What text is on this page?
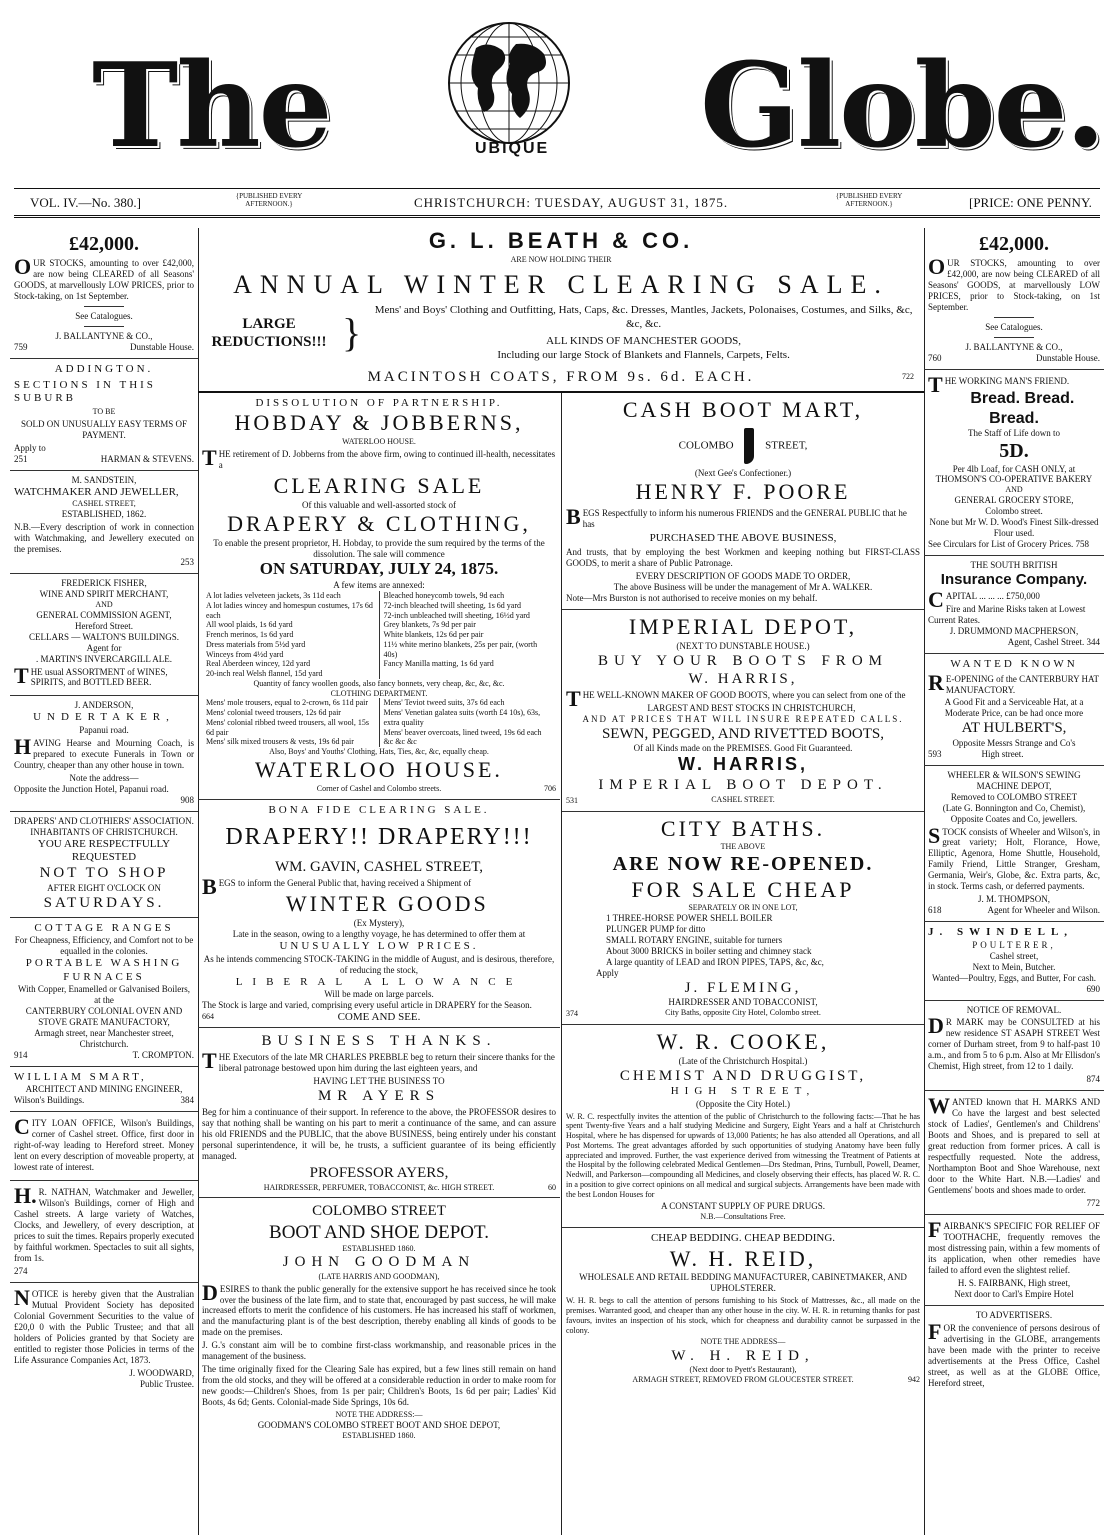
The	UBIQUE Globe.
VOL. IV.—No. 380.]	{PUBLISHED EVERY AFTERNOON.}	CHRISTCHURCH: TUESDAY, AUGUST 31, 1875.	{PUBLISHED EVERY AFTERNOON.}	[PRICE: ONE PENNY.
£42,000.

OUR STOCKS, amounting to over £42,000, are now being CLEARED of all Seasons' GOODS, at marvellously LOW PRICES, prior to Stock-taking, on 1st September.

See Catalogues.
J. BALLANTYNE & CO.,
759	Dunstable House.
ADDINGTON.

SECTIONS IN THIS SUBURB

TO BE

SOLD ON UNUSUALLY EASY TERMS OF PAYMENT.

Apply to
251	HARMAN & STEVENS.
M. SANDSTEIN,
WATCHMAKER AND JEWELLER,
CASHEL STREET,
ESTABLISHED, 1862.

N.B.—Every description of work in connection with Watchmaking, and Jewellery executed on the premises.

253
FREDERICK FISHER,
WINE AND SPIRIT MERCHANT,
AND
GENERAL COMMISSION AGENT,
Hereford Street.
CELLARS — WALTON'S BUILDINGS.
Agent for
. MARTIN'S INVERCARGILL ALE.

THE usual ASSORTMENT of WINES, SPIRITS, and BOTTLED BEER.

J. ANDERSON,
UNDERTAKER,
Papanui road.

HAVING Hearse and Mourning Coach, is prepared to execute Funerals in Town or Country, cheaper than any other house in town.

Note the address—
Opposite the Junction Hotel, Papanui road.
908
DRAPERS' AND CLOTHIERS' ASSOCIATION.
INHABITANTS OF CHRISTCHURCH.
YOU ARE RESPECTFULLY REQUESTED
NOT TO SHOP
AFTER EIGHT O'CLOCK ON
SATURDAYS.
COTTAGE RANGES
For Cheapness, Efficiency, and Comfort not to be equalled in the colonies.
PORTABLE WASHING FURNACES
With Copper, Enamelled or Galvanised Boilers, at the
CANTERBURY COLONIAL OVEN AND STOVE GRATE MANUFACTORY,
Armagh street, near Manchester street, Christchurch.
914	T. CROMPTON.
WILLIAM SMART,
ARCHITECT AND MINING ENGINEER,
Wilson's Buildings.	384

CITY LOAN OFFICE, Wilson's Buildings, corner of Cashel street. Office, first door in right-of-way leading to Hereford street. Money lent on every description of moveable property, at lowest rate of interest.

H.R. NATHAN, Watchmaker and Jeweller, Wilson's Buildings, corner of High and Cashel streets. A large variety of Watches, Clocks, and Jewellery, of every description, at prices to suit the times. Repairs properly executed by faithful workmen. Spectacles to suit all sights, from 1s.

274

NOTICE is hereby given that the Australian Mutual Provident Society has deposited Colonial Government Securities to the value of £20,0 0 with the Public Trustee; and that all holders of Policies granted by that Society are entitled to register those Policies in terms of the Life Assurance Companies Act, 1873.

J. WOODWARD,
Public Trustee.
G. L. BEATH & CO.
ARE NOW HOLDING THEIR
ANNUAL WINTER CLEARING SALE.
LARGE REDUCTIONS!!! }	Mens' and Boys' Clothing and Outfitting, Hats, Caps, &c. Dresses, Mantles, Jackets, Polonaises, Costumes, and Silks, &c, &c, &c.
ALL KINDS OF MANCHESTER GOODS,
Including our large Stock of Blankets and Flannels, Carpets, Felts.
MACINTOSH COATS, FROM 9s. 6d. EACH.	722
DISSOLUTION OF PARTNERSHIP.
HOBDAY & JOBBERNS,
WATERLOO HOUSE.

THE retirement of D. Jobberns from the above firm, owing to continued ill-health, necessitates a

CLEARING SALE
Of this valuable and well-assorted stock of
DRAPERY & CLOTHING,
To enable the present proprietor, H. Hobday, to provide the sum required by the terms of the dissolution. The sale will commence
ON SATURDAY, JULY 24, 1875.
A few items are annexed:
A lot ladies velveteen jackets, 3s 11d each
A lot ladies wincey and homespun costumes, 17s 6d each
All wool plaids, 1s 6d yard
French merinos, 1s 6d yard
Dress materials from 5½d yard
Winceys from 4½d yard
Real Aberdeen wincey, 12d yard
20-inch real Welsh flannel, 15d yard
Bleached honeycomb towels, 9d each
72-inch bleached twill sheeting, 1s 6d yard
72-inch unbleached twill sheeting, 16½d yard
Grey blankets, 7s 9d per pair
White blankets, 12s 6d per pair
11½ white merino blankets, 25s per pair, (worth 40s)
Fancy Manilla matting, 1s 6d yard
Quantity of fancy woollen goods, also fancy bonnets, very cheap, &c, &c, &c.
CLOTHING DEPARTMENT.
Mens' mole trousers, equal to 2-crown, 6s 11d pair
Mens' colonial tweed trousers, 12s 6d pair
Mens' colonial ribbed tweed trousers, all wool, 15s 6d pair
Mens' silk mixed trousers & vests, 19s 6d pair
Mens' Teviot tweed suits, 37s 6d each
Mens' Venetian galatea suits (worth £4 10s), 63s, extra quality
Mens' beaver overcoats, lined tweed, 19s 6d each
&c &c &c
Also, Boys' and Youths' Clothing, Hats, Ties, &c, &c, equally cheap.
WATERLOO HOUSE.
Corner of Cashel and Colombo streets.	706
BONA FIDE CLEARING SALE.
DRAPERY!! DRAPERY!!!
WM. GAVIN, CASHEL STREET,

BEGS to inform the General Public that, having received a Shipment of

WINTER GOODS
(Ex Mystery),
Late in the season, owing to a lengthy voyage, he has determined to offer them at
UNUSUALLY LOW PRICES.
As he intends commencing STOCK-TAKING in the middle of August, and is desirous, therefore, of reducing the stock,
LIBERAL ALLOWANCE
Will be made on large parcels.
The Stock is large and varied, comprising every useful article in DRAPERY for the Season.
664	COME AND SEE.
BUSINESS THANKS.

THE Executors of the late MR CHARLES PREBBLE beg to return their sincere thanks for the liberal patronage bestowed upon him during the last eighteen years, and

HAVING LET THE BUSINESS TO
MR AYERS

Beg for him a continuance of their support. In reference to the above, the PROFESSOR desires to say that nothing shall be wanting on his part to merit a continuance of the same, and can assure his old FRIENDS and the PUBLIC, that the above BUSINESS, being entirely under his constant personal superintendence, it will be, he trusts, a sufficient guarantee of its being efficiently managed.

PROFESSOR AYERS,
HAIRDRESSER, PERFUMER, TOBACCONIST, &c. HIGH STREET.	60
COLOMBO STREET
BOOT AND SHOE DEPOT.
ESTABLISHED 1860.
JOHN GOODMAN
(LATE HARRIS AND GOODMAN),

DESIRES to thank the public generally for the extensive support he has received since he took over the business of the late firm, and to state that, encouraged by past success, he will make increased efforts to merit the confidence of his customers. He has increased his staff of workmen, and the manufacturing plant is of the best description, thereby enabling all kinds of goods to be made on the premises.

J. G.'s constant aim will be to combine first-class workmanship, and reasonable prices in the management of the business.

The time originally fixed for the Clearing Sale has expired, but a few lines still remain on hand from the old stocks, and they will be offered at a considerable reduction in order to make room for new goods:—Children's Shoes, from 1s per pair; Children's Boots, 1s 6d per pair; Ladies' Kid Boots, 4s 6d; Gents. Colonial-made Side Springs, 10s 6d.

NOTE THE ADDRESS:—
GOODMAN'S COLOMBO STREET BOOT AND SHOE DEPOT,
ESTABLISHED 1860.
CASH BOOT MART,
COLOMBO	STREET,
(Next Gee's Confectioner.)
HENRY F. POORE

BEGS Respectfully to inform his numerous FRIENDS and the GENERAL PUBLIC that he has

PURCHASED THE ABOVE BUSINESS,

And trusts, that by employing the best Workmen and keeping nothing but FIRST-CLASS GOODS, to merit a share of Public Patronage.

EVERY DESCRIPTION OF GOODS MADE TO ORDER,
The above Business will be under the management of Mr A. WALKER.
Note—Mrs Burston is not authorised to receive monies on my behalf.
IMPERIAL DEPOT,
(NEXT TO DUNSTABLE HOUSE.)
BUY YOUR BOOTS FROM
W. HARRIS,

THE WELL-KNOWN MAKER OF GOOD BOOTS, where you can select from one of the

LARGEST AND BEST STOCKS IN CHRISTCHURCH,
AND AT PRICES THAT WILL INSURE REPEATED CALLS.
SEWN, PEGGED, AND RIVETTED BOOTS,
Of all Kinds made on the PREMISES. Good Fit Guaranteed.
W. HARRIS,
IMPERIAL BOOT DEPOT.
531	CASHEL STREET.
CITY BATHS.
THE ABOVE
ARE NOW RE-OPENED.
FOR SALE CHEAP
SEPARATELY OR IN ONE LOT,
1 THREE-HORSE POWER SHELL BOILER
PLUNGER PUMP for ditto
SMALL ROTARY ENGINE, suitable for turners
About 3000 BRICKS in boiler setting and chimney stack
A large quantity of LEAD and IRON PIPES, TAPS, &c, &c,
Apply
J. FLEMING,
HAIRDRESSER AND TOBACCONIST,
374	City Baths, opposite City Hotel, Colombo street.
W. R. COOKE,
(Late of the Christchurch Hospital.)
CHEMIST AND DRUGGIST,
HIGH STREET,
(Opposite the City Hotel.)

W. R. C. respectfully invites the attention of the public of Christchurch to the following facts:—That he has spent Twenty-five Years and a half studying Medicine and Surgery, Eight Years and a half at Christchurch Hospital, where he has dispensed for upwards of 13,000 Patients; he has also attended all Operations, and all Post Mortems. The great advantages afforded by such opportunities of studying Anatomy have been fully appreciated and improved. Further, the vast experience derived from witnessing the Treatment of Patients at the Hospital by the following celebrated Medical Gentlemen—Drs Stedman, Prins, Turnbull, Powell, Deamer, Nedwill, and Parkerson—compounding all Medicines, and closely observing their effects, has placed W. R. C. in a position to give correct opinions on all medical and surgical subjects. Arrangements have been made with the best London Houses for

A CONSTANT SUPPLY OF PURE DRUGS.
N.B.—Consultations Free.
CHEAP BEDDING. CHEAP BEDDING.
W. H. REID,
WHOLESALE AND RETAIL BEDDING MANUFACTURER, CABINETMAKER, AND UPHOLSTERER.

W. H. R. begs to call the attention of persons furnishing to his Stock of Mattresses, &c., all made on the premises. Warranted good, and cheaper than any other house in the city. W. H. R. in returning thanks for past favours, invites an inspection of his stock, which for cheapness and durability cannot be surpassed in the colony.

NOTE THE ADDRESS—
W. H. REID,
(Next door to Pyett's Restaurant),
ARMAGH STREET, REMOVED FROM GLOUCESTER STREET.	942
£42,000.

OUR STOCKS, amounting to over £42,000, are now being CLEARED of all Seasons' GOODS, at marvellously LOW PRICES, prior to Stock-taking, on 1st September.

See Catalogues.
J. BALLANTYNE & CO.,
760	Dunstable House.

THE WORKING MAN'S FRIEND.

Bread. Bread. Bread.
The Staff of Life down to
5D.
Per 4lb Loaf, for CASH ONLY, at
THOMSON'S CO-OPERATIVE BAKERY
AND
GENERAL GROCERY STORE,
Colombo street.
None but Mr W. D. Wood's Finest Silk-dressed Flour used.
See Circulars for List of Grocery Prices. 758
THE SOUTH BRITISH
Insurance Company.

CAPITAL ... ... ... £750,000

Fire and Marine Risks taken at Lowest Current Rates.
J. DRUMMOND MACPHERSON,
Agent, Cashel Street. 344
WANTED KNOWN

RE-OPENING of the CANTERBURY HAT MANUFACTORY.

A Good Fit and a Serviceable Hat, at a Moderate Price, can be had once more
AT HULBERT'S,
Opposite Messrs Strange and Co's
593	High street.
WHEELER & WILSON'S SEWING MACHINE DEPOT,
Removed to COLOMBO STREET
(Late G. Bonnington and Co, Chemist),
Opposite Coates and Co, jewellers.

STOCK consists of Wheeler and Wilson's, in great variety; Holt, Florance, Howe, Elliptic, Agenora, Home Shuttle, Household, Family Friend, Little Stranger, Gresham, Germania, Weir's, Globe, &c. Extra parts, &c, in stock. Terms cash, or deferred payments.

J. M. THOMPSON,
618	Agent for Wheeler and Wilson.
J. SWINDELL,
POULTERER,
Cashel street,
Next to Mein, Butcher.
Wanted—Poultry, Eggs, and Butter, For cash.
690
NOTICE OF REMOVAL.

DR MARK may be CONSULTED at his new residence ST ASAPH STREET West corner of Durham street, from 9 to half-past 10 a.m., and from 5 to 6 p.m. Also at Mr Ellisdon's Chemist, High street, from 12 to 1 daily.

874

WANTED known that H. MARKS AND Co have the largest and best selected stock of Ladies', Gentlemen's and Childrens' Boots and Shoes, and is prepared to sell at great reduction from former prices. A call is respectfully requested. Note the address, Northampton Boot and Shoe Warehouse, next door to the White Hart. N.B.—Ladies' and Gentlemens' boots and shoes made to order.

772

FAIRBANK'S SPECIFIC FOR RELIEF OF TOOTHACHE, frequently removes the most distressing pain, within a few moments of its application, when other remedies have failed to afford even the slightest relief.

H. S. FAIRBANK, High street,
Next door to Carl's Empire Hotel
TO ADVERTISERS.

FOR the convenience of persons desirous of advertising in the GLOBE, arrangements have been made with the printer to receive advertisements at the Press Office, Cashel street, as well as at the GLOBE Office, Hereford street,
